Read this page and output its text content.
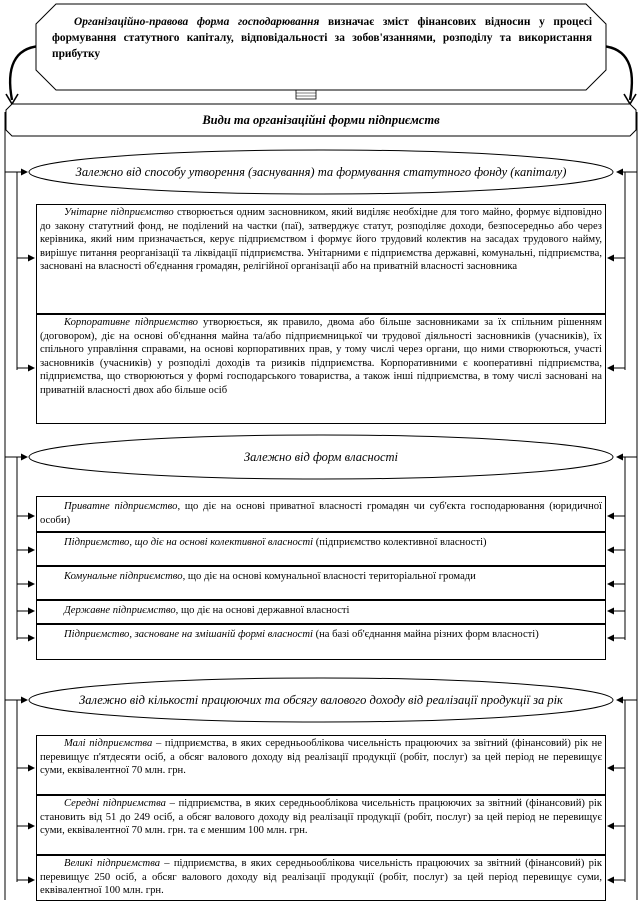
Організаційно-правова форма господарювання визначає зміст фінансових відносин у процесі формування статутного капіталу, відповідальності за зобов'язаннями, розподілу та використання прибутку
Види та організаційні форми підприємств
Залежно від способу утворення (заснування) та формування статутного фонду (капіталу)
Унітарне підприємство створюється одним засновником, який виділяє необхідне для того майно, формує відповідно до закону статутний фонд, не поділений на частки (паї), затверджує статут, розподіляє доходи, безпосередньо або через керівника, який ним призначається, керує підприємством і формує його трудовий колектив на засадах трудового найму, вирішує питання реорганізації та ліквідації підприємства. Унітарними є підприємства державні, комунальні, підприємства, засновані на власності об'єднання громадян, релігійної організації або на приватній власності засновника
Корпоративне підприємство утворюється, як правило, двома або більше засновниками за їх спільним рішенням (договором), діє на основі об'єднання майна та/або підприємницької чи трудової діяльності засновників (учасників), їх спільного управління справами, на основі корпоративних прав, у тому числі через органи, що ними створюються, участі засновників (учасників) у розподілі доходів та ризиків підприємства. Корпоративними є кооперативні підприємства, підприємства, що створюються у формі господарського товариства, а також інші підприємства, в тому числі засновані на приватній власності двох або більше осіб
Залежно від форм власності
Приватне підприємство, що діє на основі приватної власності громадян чи суб'єкта господарювання (юридичної особи)
Підприємство, що діє на основі колективної власності (підприємство колективної власності)
Комунальне підприємство, що діє на основі комунальної власності територіальної громади
Державне підприємство, що діє на основі державної власності
Підприємство, засноване на змішаній формі власності (на базі об'єднання майна різних форм власності)
Залежно від кількості працюючих та обсягу валового доходу від реалізації продукції за рік
Малі підприємства – підприємства, в яких середньооблікова чисельність працюючих за звітний (фінансовий) рік не перевищує п'ятдесяти осіб, а обсяг валового доходу від реалізації продукції (робіт, послуг) за цей період не перевищує суми, еквівалентної 70 млн. грн.
Середні підприємства – підприємства, в яких середньооблікова чисельність працюючих за звітний (фінансовий) рік становить від 51 до 249 осіб, а обсяг валового доходу від реалізації продукції (робіт, послуг) за цей період не перевищує суми, еквівалентної 70 млн. грн. та є меншим 100 млн. грн.
Великі підприємства – підприємства, в яких середньооблікова чисельність працюючих за звітний (фінансовий) рік перевищує 250 осіб, а обсяг валового доходу від реалізації продукції (робіт, послуг) за цей період перевищує суми, еквівалентної 100 млн. грн.
